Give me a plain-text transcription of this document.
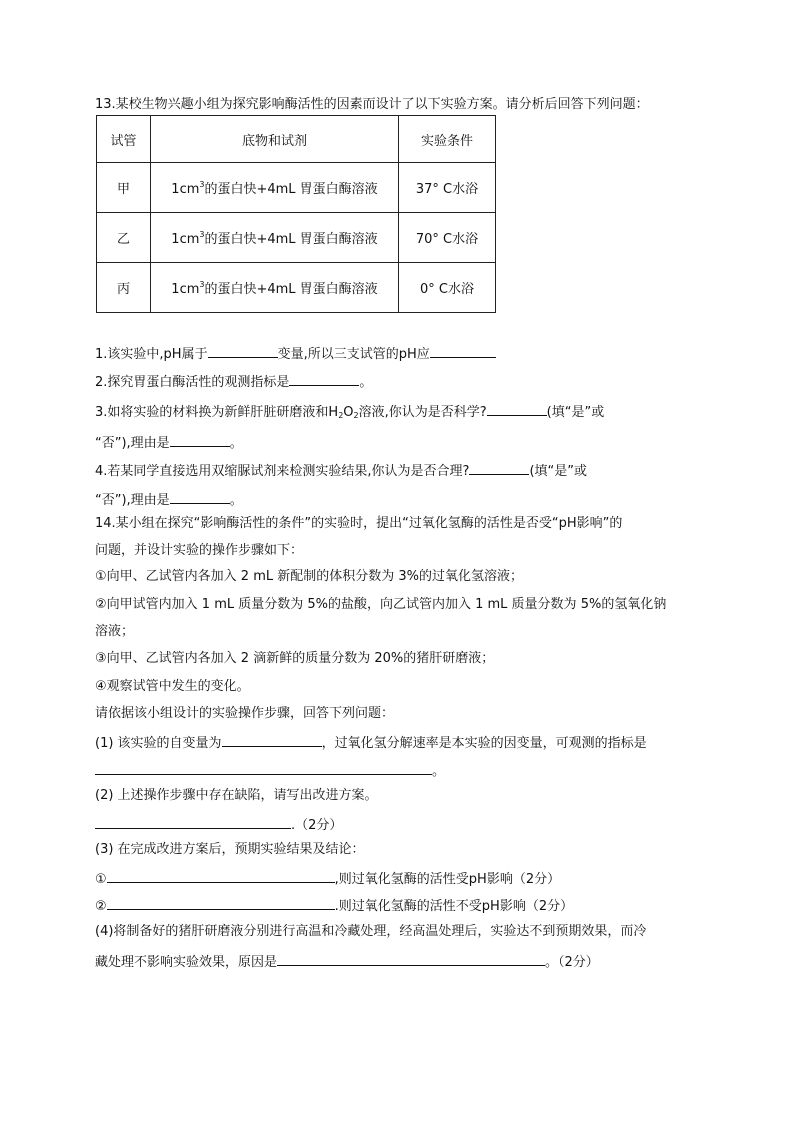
13.某校生物兴趣小组为探究影响酶活性的因素而设计了以下实验方案。请分析后回答下列问题：
试管	底物和试剂	实验条件
甲	$1cm^3$的蛋白快+4mL 胃蛋白酶溶液	37° C水浴
乙	$1cm^3$的蛋白快+4mL 胃蛋白酶溶液	70° C水浴
丙	$1cm^3$的蛋白快+4mL 胃蛋白酶溶液	0° C水浴
1.该实验中,pH属于	变量,所以三支试管的pH应
2.探究胃蛋白酶活性的观测指标是	。
3.如将实验的材料换为新鲜肝脏研磨液和$H_2O_2$溶液,你认为是否科学?	(填“是”或
“否”),理由是	。
4.若某同学直接选用双缩脲试剂来检测实验结果,你认为是否合理?	(填“是”或
“否”),理由是	。
14.某小组在探究“影响酶活性的条件”的实验时，提出“过氧化氢酶的活性是否受“pH影响”的
问题，并设计实验的操作步骤如下：
①向甲、乙试管内各加入 2 mL 新配制的体积分数为 3%的过氧化氢溶液；
②向甲试管内加入 1 mL 质量分数为 5%的盐酸，向乙试管内加入 1 mL 质量分数为 5%的氢氧化钠
溶液；
③向甲、乙试管内各加入 2 滴新鲜的质量分数为 20%的猪肝研磨液；
④观察试管中发生的变化。
请依据该小组设计的实验操作步骤，回答下列问题：
(1) 该实验的自变量为	，过氧化氢分解速率是本实验的因变量，可观测的指标是
。
(2) 上述操作步骤中存在缺陷，请写出改进方案。
.（2分）
(3) 在完成改进方案后，预期实验结果及结论：
①	,则过氧化氢酶的活性受pH影响（2分）
②	.则过氧化氢酶的活性不受pH影响（2分）
(4)将制备好的猪肝研磨液分别进行高温和冷藏处理，经高温处理后，实验达不到预期效果，而冷
藏处理不影响实验效果，原因是	。（2分）
